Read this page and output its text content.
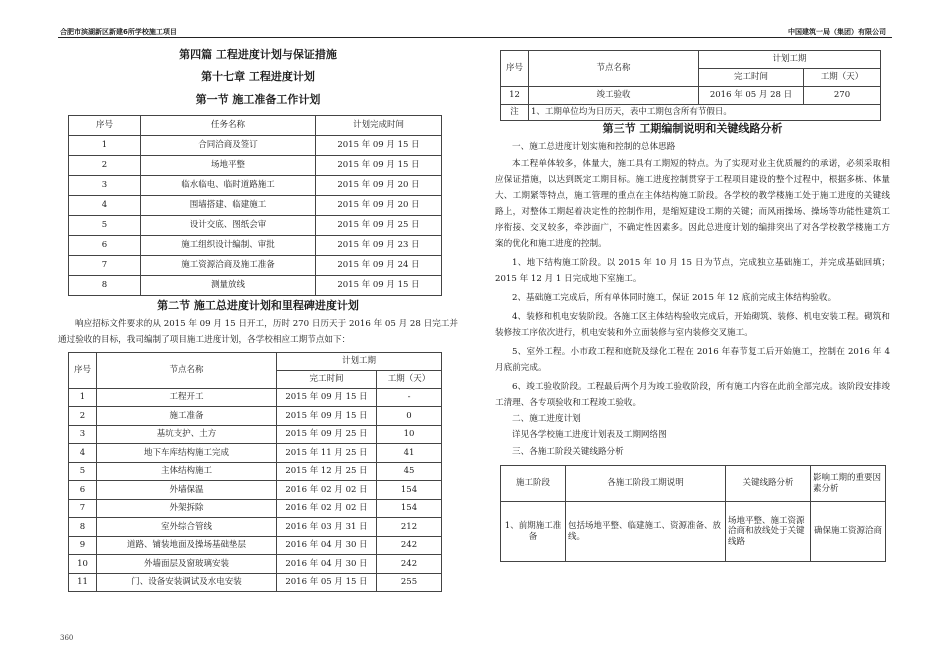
合肥市滨湖新区新建6所学校施工项目	中国建筑一局（集团）有限公司
第四篇 工程进度计划与保证措施
第十七章 工程进度计划
第一节 施工准备工作计划
序号	任务名称	计划完成时间
1	合同洽商及签订	2015 年 09 月 15 日
2	场地平整	2015 年 09 月 15 日
3	临水临电、临时道路施工	2015 年 09 月 20 日
4	围墙搭建、临建施工	2015 年 09 月 20 日
5	设计交底、图纸会审	2015 年 09 月 25 日
6	施工组织设计编制、审批	2015 年 09 月 23 日
7	施工资源洽商及施工准备	2015 年 09 月 24 日
8	测量放线	2015 年 09 月 15 日
第二节 施工总进度计划和里程碑进度计划

响应招标文件要求的从 2015 年 09 月 15 日开工，历时 270 日历天于 2016 年 05 月 28 日完工并通过验收的目标，我司编制了项目施工进度计划，各学校相应工期节点如下：

序号	节点名称	计划工期	
		完工时间	工期（天）
1	工程开工	2015 年 09 月 15 日	-
2	施工准备	2015 年 09 月 15 日	0
3	基坑支护、土方	2015 年 09 月 25 日	10
4	地下车库结构施工完成	2015 年 11 月 25 日	41
5	主体结构施工	2015 年 12 月 25 日	45
6	外墙保温	2016 年 02 月 02 日	154
7	外架拆除	2016 年 02 月 02 日	154
8	室外综合管线	2016 年 03 月 31 日	212
9	道路、铺装地面及操场基础垫层	2016 年 04 月 30 日	242
10	外墙面层及窗玻璃安装	2016 年 04 月 30 日	242
11	门、设备安装调试及水电安装	2016 年 05 月 15 日	255
序号	节点名称	计划工期	
		完工时间	工期（天）
12	竣工验收	2016 年 05 月 28 日	270
注	1、工期单位均为日历天，表中工期包含所有节假日。		
第三节 工期编制说明和关键线路分析

一、施工总进度计划实施和控制的总体思路

本工程单体较多，体量大，施工具有工期短的特点。为了实现对业主优质履约的承诺，必须采取相应保证措施，以达到既定工期目标。施工进度控制贯穿于工程项目建设的整个过程中，根据多栋、体量大、工期紧等特点，施工管理的重点在主体结构施工阶段。各学校的教学楼施工处于施工进度的关键线路上，对整体工期起着决定性的控制作用，是缩短建设工期的关键；而风雨操场、操场等功能性建筑工序衔接、交叉较多，牵涉面广，不确定性因素多。因此总进度计划的编排突出了对各学校教学楼施工方案的优化和施工进度的控制。

1、地下结构施工阶段。以 2015 年 10 月 15 日为节点，完成独立基础施工，并完成基础回填；2015 年 12 月 1 日完成地下室施工。

2、基础施工完成后，所有单体同时施工，保证 2015 年 12 底前完成主体结构验收。

4、装修和机电安装阶段。各施工区主体结构验收完成后，开始砌筑、装修、机电安装工程。砌筑和装修按工序依次进行，机电安装和外立面装修与室内装修交叉施工。

5、室外工程。小市政工程和庭院及绿化工程在 2016 年春节复工后开始施工，控制在 2016 年 4 月底前完成。

6、竣工验收阶段。工程最后两个月为竣工验收阶段，所有施工内容在此前全部完成。该阶段安排竣工清理、各专项验收和工程竣工验收。

二、施工进度计划

详见各学校施工进度计划表及工期网络图

三、各施工阶段关键线路分析

施工阶段	各施工阶段工期说明	关键线路分析	影响工期的重要因素分析
1、前期施工准备	包括场地平整、临建施工、资源准备、放线。	场地平整、施工资源洽商和放线处于关键线路	确保施工资源洽商
360
